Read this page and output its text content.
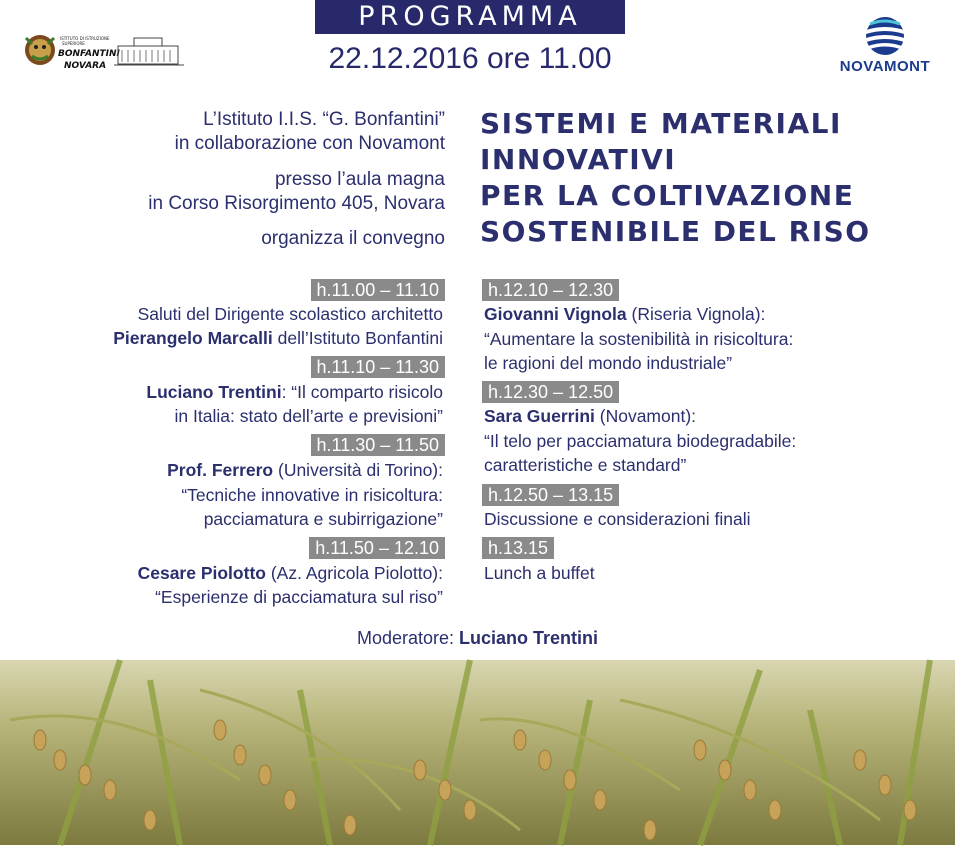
PROGRAMMA
22.12.2016 ore 11.00
ISTITUTO DI ISTRUZIONE
SUPERIORE
BONFANTINI
NOVARA	NOVAMONT
L’Istituto I.I.S. “G. Bonfantini”
in collaborazione con Novamont
presso l’aula magna
in Corso Risorgimento 405, Novara
organizza il convegno
SISTEMI E MATERIALI
INNOVATIVI
PER LA COLTIVAZIONE
SOSTENIBILE DEL RISO
h.11.00 – 11.10
Saluti del Dirigente scolastico architetto
Pierangelo Marcalli dell’Istituto Bonfantini
h.11.10 – 11.30
Luciano Trentini: “Il comparto risicolo
in Italia: stato dell’arte e previsioni”
h.11.30 – 11.50
Prof. Ferrero (Università di Torino):
“Tecniche innovative in risicoltura:
pacciamatura e subirrigazione”
h.11.50 – 12.10
Cesare Piolotto (Az. Agricola Piolotto):
“Esperienze di pacciamatura sul riso”
h.12.10 – 12.30
Giovanni Vignola (Riseria Vignola):
“Aumentare la sostenibilità in risicoltura:
le ragioni del mondo industriale”
h.12.30 – 12.50
Sara Guerrini (Novamont):
“Il telo per pacciamatura biodegradabile:
caratteristiche e standard”
h.12.50 – 13.15
Discussione e considerazioni finali
h.13.15
Lunch a buffet
Moderatore: Luciano Trentini
